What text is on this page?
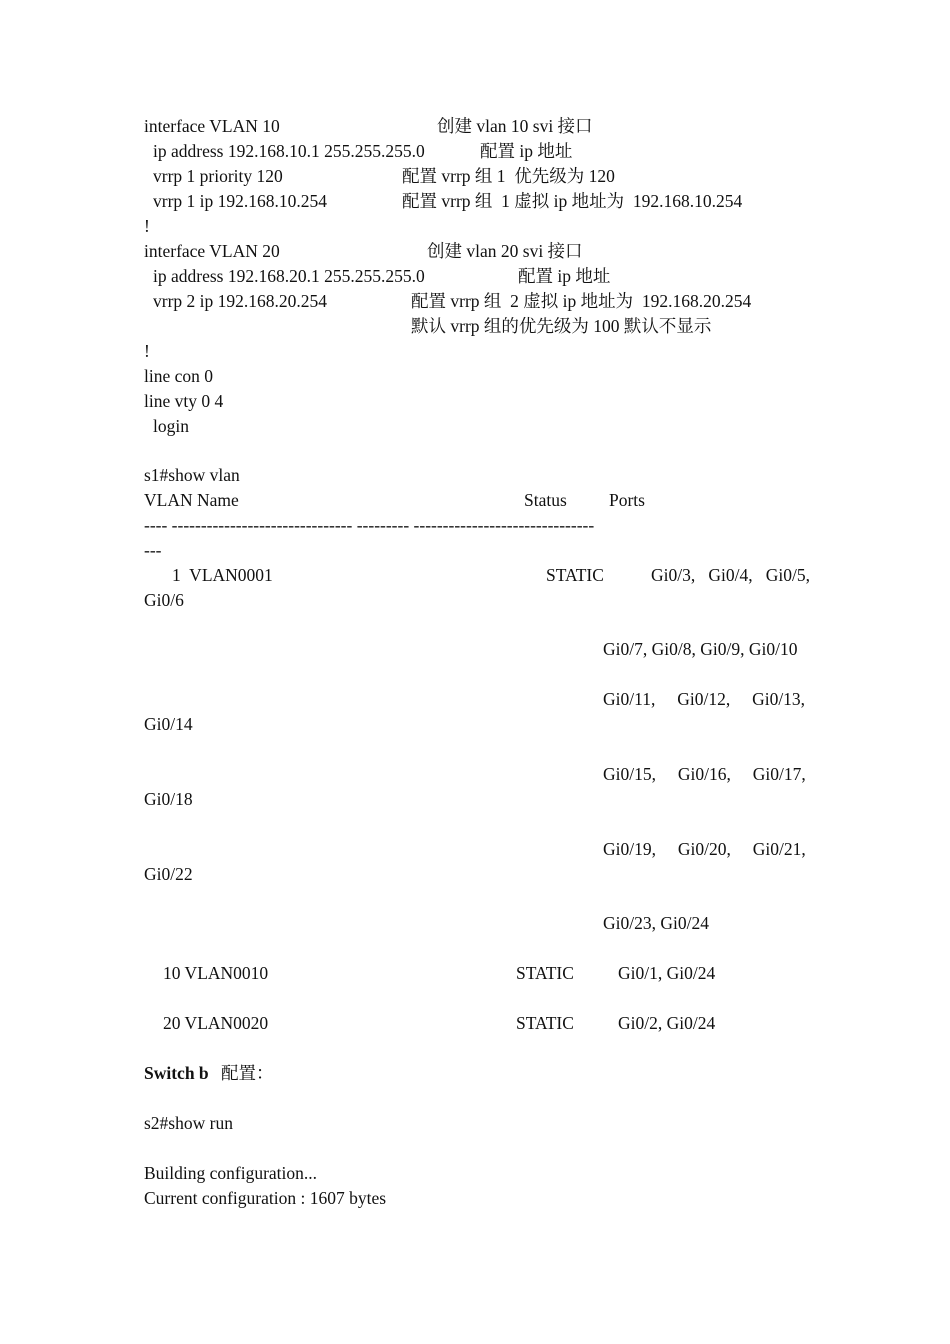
interface VLAN 10	创建 vlan 10 svi 接口
ip address 192.168.10.1 255.255.255.0	配置 ip 地址
vrrp 1 priority 120	配置 vrrp 组 1  优先级为 120
vrrp 1 ip 192.168.10.254	配置 vrrp 组  1 虚拟 ip 地址为  192.168.10.254
!
interface VLAN 20	创建 vlan 20 svi 接口
ip address 192.168.20.1 255.255.255.0	配置 ip 地址
vrrp 2 ip 192.168.20.254	配置 vrrp 组  2 虚拟 ip 地址为  192.168.20.254
默认 vrrp 组的优先级为 100 默认不显示
!
line con 0
line vty 0 4
login
s1#show vlan
VLAN Name	Status Ports
---- ------------------------------- --------- -------------------------------
---
1  VLAN0001	STATIC	Gi0/3,   Gi0/4,   Gi0/5,
Gi0/6
Gi0/7, Gi0/8, Gi0/9, Gi0/10
Gi0/11,     Gi0/12,     Gi0/13,
Gi0/14
Gi0/15,     Gi0/16,     Gi0/17,
Gi0/18
Gi0/19,     Gi0/20,     Gi0/21,
Gi0/22
Gi0/23, Gi0/24
10 VLAN0010	STATIC	Gi0/1, Gi0/24
20 VLAN0020	STATIC	Gi0/2, Gi0/24
Switch b 配置：
s2#show run
Building configuration...
Current configuration : 1607 bytes
